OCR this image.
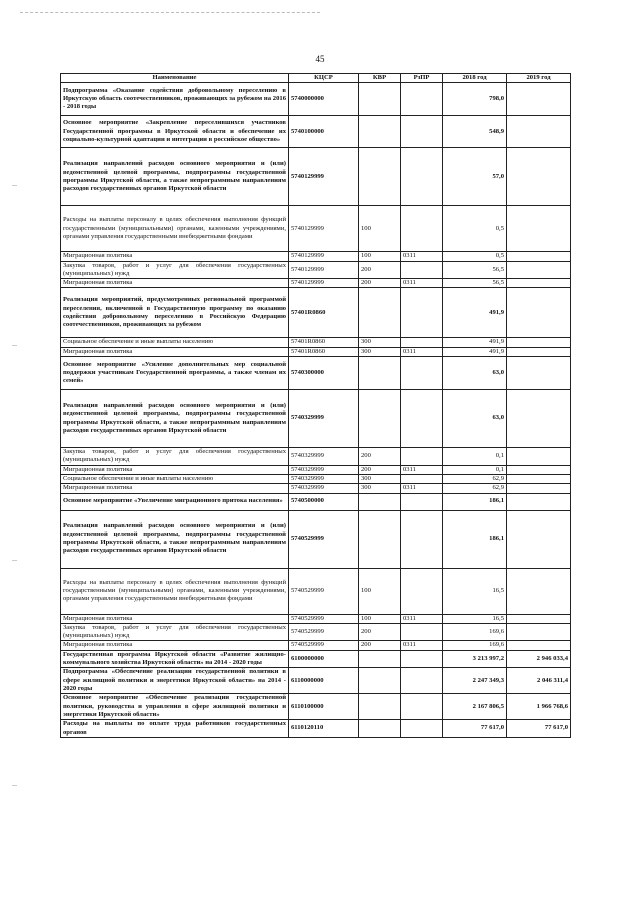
45
Наименование	КЦСР	КВР	РзПР	2018 год	2019 год
Подпрограмма «Оказание содействия добровольному переселению в Иркутскую область соотечественников, проживающих за рубежом на 2016 - 2018 годы	5740000000			798,0	
Основное мероприятие «Закрепление переселившихся участников Государственной программы в Иркутской области и обеспечение их социально-культурной адаптации и интеграции в российское общество»	5740100000			548,9	
Реализация направлений расходов основного мероприятия и (или) ведомственной целевой программы, подпрограммы государственной программы Иркутской области, а также непрограммным направлениям расходов государственных органов Иркутской области	5740129999			57,0	
Расходы на выплаты персоналу в целях обеспечения выполнения функций государственными (муниципальными) органами, казенными учреждениями, органами управления государственными внебюджетными фондами	5740129999	100		0,5	
Миграционная политика	5740129999	100	0311	0,5	
Закупка товаров, работ и услуг для обеспечения государственных (муниципальных) нужд	5740129999	200		56,5	
Миграционная политика	5740129999	200	0311	56,5	
Реализация мероприятий, предусмотренных региональной программой переселения, включенной в Государственную программу по оказанию содействия добровольному переселению в Российскую Федерацию соотечественников, проживающих за рубежом	57401R0860			491,9	
Социальное обеспечение и иные выплаты населению	57401R0860	300		491,9	
Миграционная политика	57401R0860	300	0311	491,9	
Основное мероприятие «Усиление дополнительных мер социальной поддержки участникам Государственной программы, а также членам их семей»	5740300000			63,0	
Реализация направлений расходов основного мероприятия и (или) ведомственной целевой программы, подпрограммы государственной программы Иркутской области, а также непрограммным направлениям расходов государственных органов Иркутской области	5740329999			63,0	
Закупка товаров, работ и услуг для обеспечения государственных (муниципальных) нужд	5740329999	200		0,1	
Миграционная политика	5740329999	200	0311	0,1	
Социальное обеспечение и иные выплаты населению	5740329999	300		62,9	
Миграционная политика	5740329999	300	0311	62,9	
Основное мероприятие «Увеличение миграционного притока населения»	5740500000			186,1	
Реализация направлений расходов основного мероприятия и (или) ведомственной целевой программы, подпрограммы государственной программы Иркутской области, а также непрограммным направлениям расходов государственных органов Иркутской области	5740529999			186,1	
Расходы на выплаты персоналу в целях обеспечения выполнения функций государственными (муниципальными) органами, казенными учреждениями, органами управления государственными внебюджетными фондами	5740529999	100		16,5	
Миграционная политика	5740529999	100	0311	16,5	
Закупка товаров, работ и услуг для обеспечения государственных (муниципальных) нужд	5740529999	200		169,6	
Миграционная политика	5740529999	200	0311	169,6	
Государственная программа Иркутской области «Развитие жилищно-коммунального хозяйства Иркутской области» на 2014 - 2020 годы	6100000000			3 213 997,2	2 946 033,4
Подпрограмма «Обеспечение реализации государственной политики в сфере жилищной политики и энергетики Иркутской области» на 2014 - 2020 годы	6110000000			2 247 349,3	2 046 311,4
Основное мероприятие «Обеспечение реализации государственной политики, руководства и управления в сфере жилищной политики и энергетики Иркутской области»	6110100000			2 167 806,5	1 966 768,6
Расходы на выплаты по оплате труда работников государственных органов	6110120110			77 617,0	77 617,0
